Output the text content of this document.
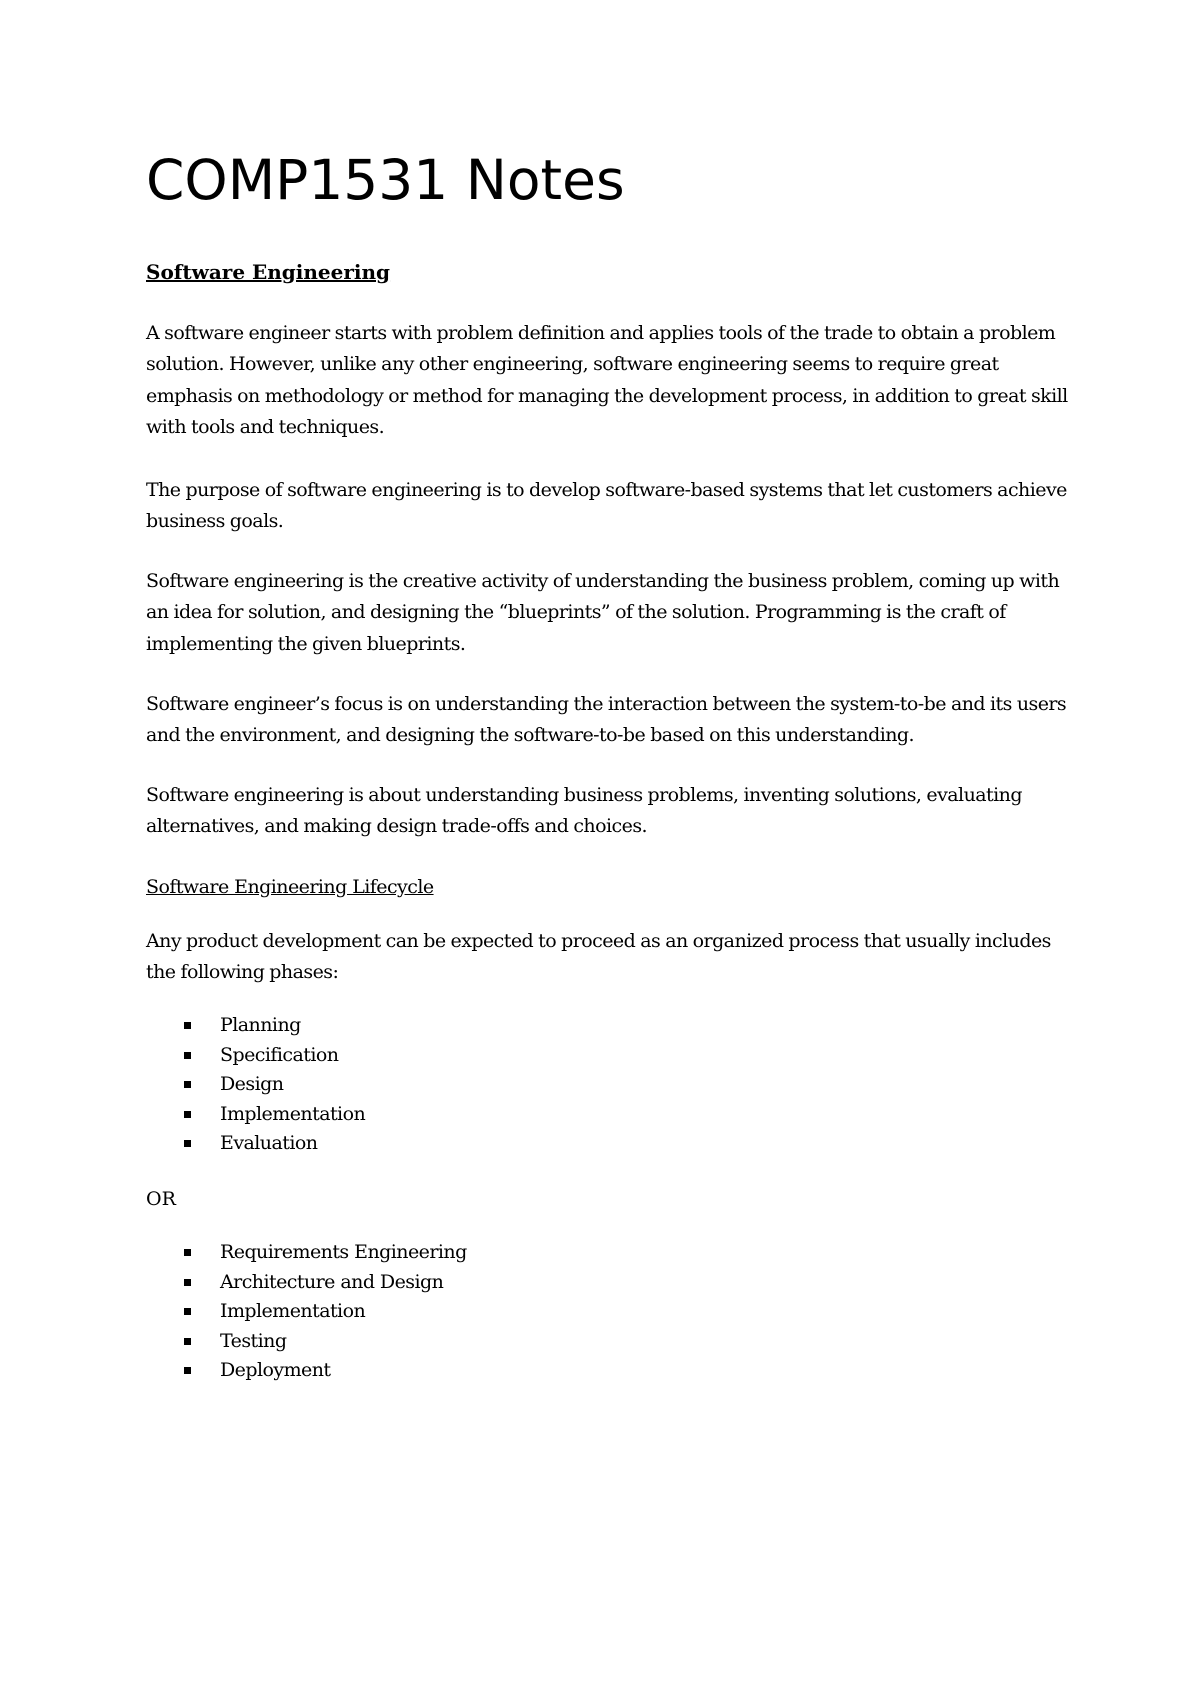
COMP1531 Notes
Software Engineering

A software engineer starts with problem definition and applies tools of the trade to obtain a problem solution. However, unlike any other engineering, software engineering seems to require great emphasis on methodology or method for managing the development process, in addition to great skill with tools and techniques.

The purpose of software engineering is to develop software-based systems that let customers achieve business goals.

Software engineering is the creative activity of understanding the business problem, coming up with an idea for solution, and designing the “blueprints” of the solution. Programming is the craft of implementing the given blueprints.

Software engineer’s focus is on understanding the interaction between the system-to-be and its users and the environment, and designing the software-to-be based on this understanding.

Software engineering is about understanding business problems, inventing solutions, evaluating alternatives, and making design trade-offs and choices.

Software Engineering Lifecycle

Any product development can be expected to proceed as an organized process that usually includes the following phases:

Planning
Specification
Design
Implementation
Evaluation

OR

Requirements Engineering
Architecture and Design
Implementation
Testing
Deployment
